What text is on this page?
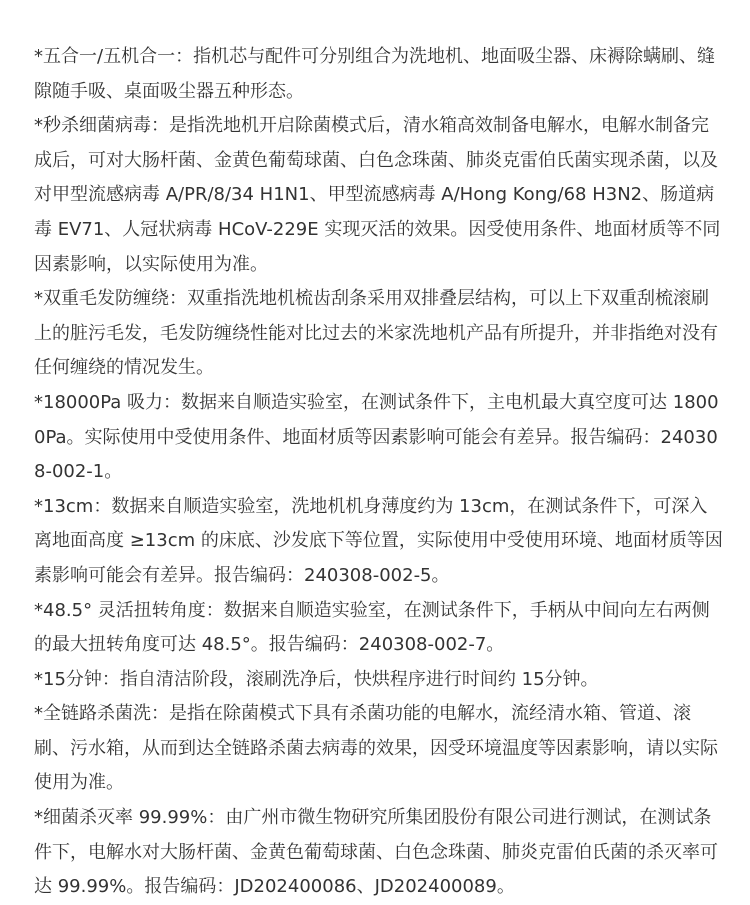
*五合一/五机合一：指机芯与配件可分别组合为洗地机、地面吸尘器、床褥除螨刷、缝隙随手吸、桌面吸尘器五种形态。

*秒杀细菌病毒：是指洗地机开启除菌模式后，清水箱高效制备电解水，电解水制备完成后，可对大肠杆菌、金黄色葡萄球菌、白色念珠菌、肺炎克雷伯氏菌实现杀菌，以及对甲型流感病毒 A/PR/8/34 H1N1、甲型流感病毒 A/Hong Kong/68 H3N2、肠道病毒 EV71、人冠状病毒 HCoV-229E 实现灭活的效果。因受使用条件、地面材质等不同因素影响，以实际使用为准。

*双重毛发防缠绕：双重指洗地机梳齿刮条采用双排叠层结构，可以上下双重刮梳滚刷上的脏污毛发，毛发防缠绕性能对比过去的米家洗地机产品有所提升，并非指绝对没有任何缠绕的情况发生。

*18000Pa 吸力：数据来自顺造实验室，在测试条件下，主电机最大真空度可达 18000Pa。实际使用中受使用条件、地面材质等因素影响可能会有差异。报告编码：240308-002-1。

*13cm：数据来自顺造实验室，洗地机机身薄度约为 13cm，在测试条件下，可深入离地面高度 ≥13cm 的床底、沙发底下等位置，实际使用中受使用环境、地面材质等因素影响可能会有差异。报告编码：240308-002-5。

*48.5° 灵活扭转角度：数据来自顺造实验室，在测试条件下，手柄从中间向左右两侧的最大扭转角度可达 48.5°。报告编码：240308-002-7。

*15分钟：指自清洁阶段，滚刷洗净后，快烘程序进行时间约 15分钟。

*全链路杀菌洗：是指在除菌模式下具有杀菌功能的电解水，流经清水箱、管道、滚刷、污水箱，从而到达全链路杀菌去病毒的效果，因受环境温度等因素影响，请以实际使用为准。

*细菌杀灭率 99.99%：由广州市微生物研究所集团股份有限公司进行测试，在测试条件下，电解水对大肠杆菌、金黄色葡萄球菌、白色念珠菌、肺炎克雷伯氏菌的杀灭率可达 99.99%。报告编码：JD202400086、JD202400089。
